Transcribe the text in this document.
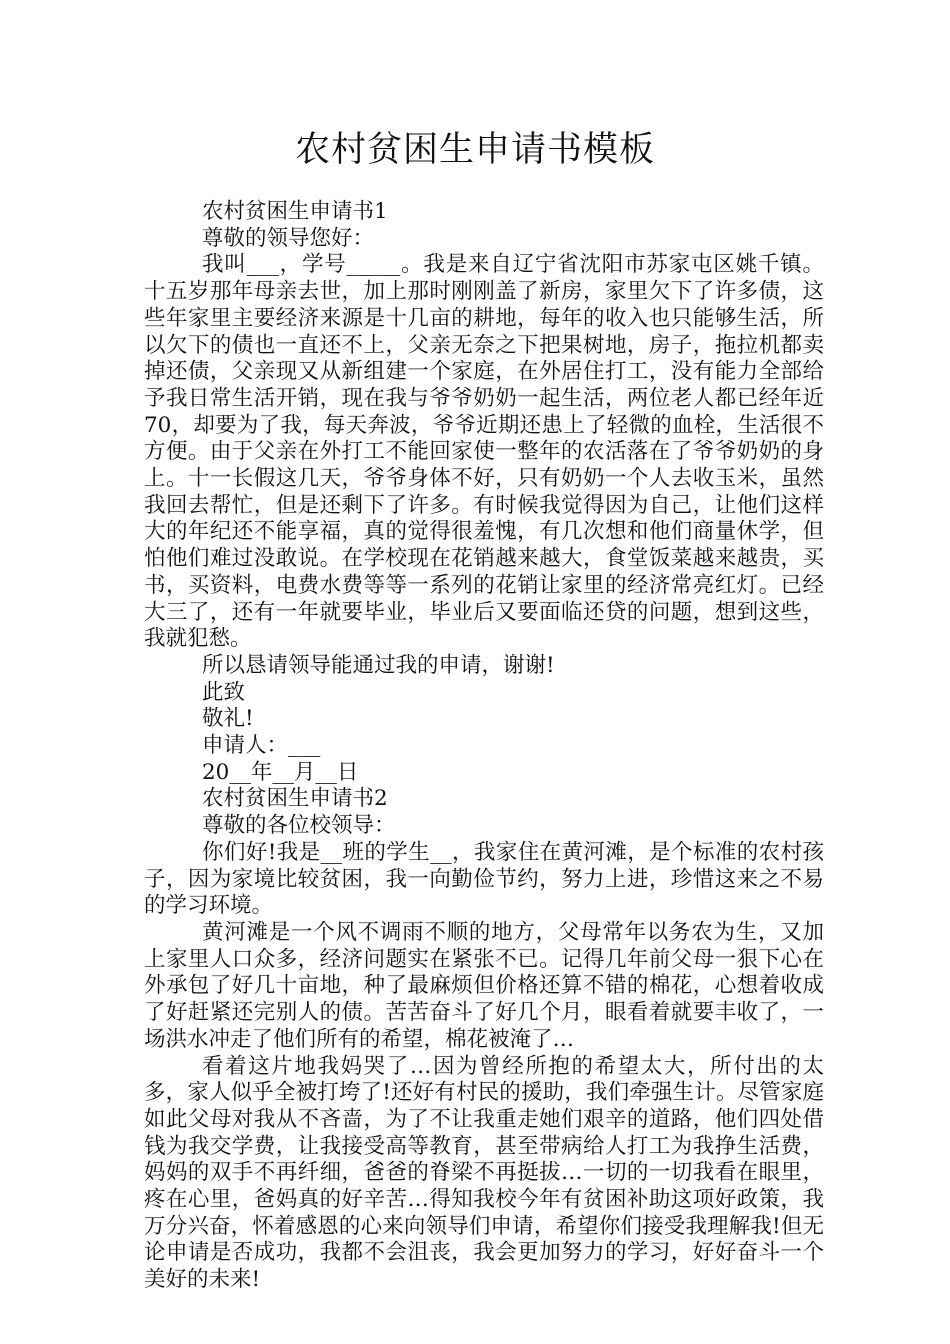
农村贫困生申请书模板

农村贫困生申请书1

尊敬的领导您好：

我叫___，学号_____。我是来自辽宁省沈阳市苏家屯区姚千镇。十五岁那年母亲去世，加上那时刚刚盖了新房，家里欠下了许多债，这些年家里主要经济来源是十几亩的耕地，每年的收入也只能够生活，所以欠下的债也一直还不上，父亲无奈之下把果树地，房子，拖拉机都卖掉还债，父亲现又从新组建一个家庭，在外居住打工，没有能力全部给予我日常生活开销，现在我与爷爷奶奶一起生活，两位老人都已经年近70，却要为了我，每天奔波，爷爷近期还患上了轻微的血栓，生活很不方便。由于父亲在外打工不能回家使一整年的农活落在了爷爷奶奶的身上。十一长假这几天，爷爷身体不好，只有奶奶一个人去收玉米，虽然我回去帮忙，但是还剩下了许多。有时候我觉得因为自己，让他们这样大的年纪还不能享福，真的觉得很羞愧，有几次想和他们商量休学，但怕他们难过没敢说。在学校现在花销越来越大，食堂饭菜越来越贵，买书，买资料，电费水费等等一系列的花销让家里的经济常亮红灯。已经大三了，还有一年就要毕业，毕业后又要面临还贷的问题，想到这些，我就犯愁。

所以恳请领导能通过我的申请，谢谢!

此致

敬礼!

申请人：___

20__年__月__日

农村贫困生申请书2

尊敬的各位校领导：

你们好!我是__班的学生__，我家住在黄河滩，是个标准的农村孩子，因为家境比较贫困，我一向勤俭节约，努力上进，珍惜这来之不易的学习环境。

黄河滩是一个风不调雨不顺的地方，父母常年以务农为生，又加上家里人口众多，经济问题实在紧张不已。记得几年前父母一狠下心在外承包了好几十亩地，种了最麻烦但价格还算不错的棉花，心想着收成了好赶紧还完别人的债。苦苦奋斗了好几个月，眼看着就要丰收了，一场洪水冲走了他们所有的希望，棉花被淹了…

看着这片地我妈哭了…因为曾经所抱的希望太大，所付出的太多，家人似乎全被打垮了!还好有村民的援助，我们牵强生计。尽管家庭如此父母对我从不吝啬，为了不让我重走她们艰辛的道路，他们四处借钱为我交学费，让我接受高等教育，甚至带病给人打工为我挣生活费，妈妈的双手不再纤细，爸爸的脊梁不再挺拔…一切的一切我看在眼里，疼在心里，爸妈真的好辛苦…得知我校今年有贫困补助这项好政策，我万分兴奋，怀着感恩的心来向领导们申请，希望你们接受我理解我!但无论申请是否成功，我都不会沮丧，我会更加努力的学习，好好奋斗一个美好的未来!
